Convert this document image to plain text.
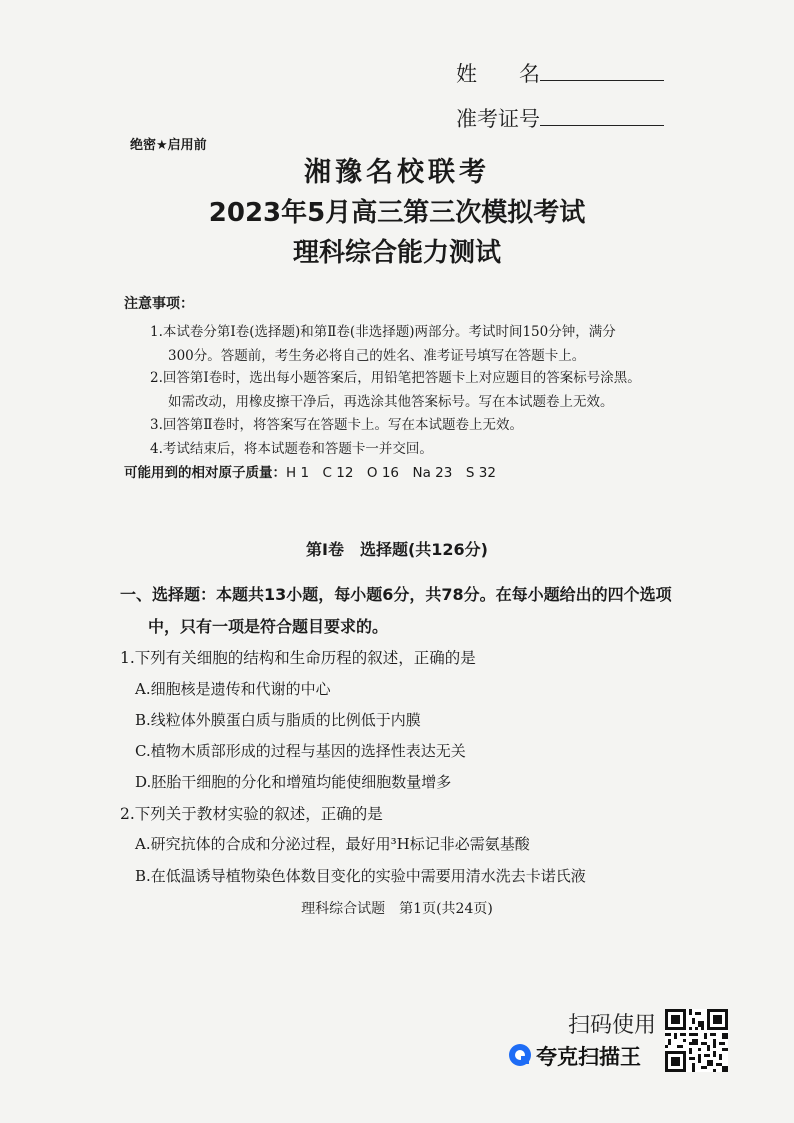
姓　　名
准考证号
绝密★启用前
湘豫名校联考
2023年5月高三第三次模拟考试
理科综合能力测试
注意事项：
1.本试卷分第Ⅰ卷(选择题)和第Ⅱ卷(非选择题)两部分。考试时间150分钟，满分
300分。答题前，考生务必将自己的姓名、准考证号填写在答题卡上。
2.回答第Ⅰ卷时，选出每小题答案后，用铅笔把答题卡上对应题目的答案标号涂黑。
如需改动，用橡皮擦干净后，再选涂其他答案标号。写在本试题卷上无效。
3.回答第Ⅱ卷时，将答案写在答题卡上。写在本试题卷上无效。
4.考试结束后，将本试题卷和答题卡一并交回。
可能用到的相对原子质量：H 1 C 12 O 16 Na 23 S 32
第Ⅰ卷 选择题(共126分)
一、选择题：本题共13小题，每小题6分，共78分。在每小题给出的四个选项
中，只有一项是符合题目要求的。
1.下列有关细胞的结构和生命历程的叙述，正确的是
A.细胞核是遗传和代谢的中心
B.线粒体外膜蛋白质与脂质的比例低于内膜
C.植物木质部形成的过程与基因的选择性表达无关
D.胚胎干细胞的分化和增殖均能使细胞数量增多
2.下列关于教材实验的叙述，正确的是
A.研究抗体的合成和分泌过程，最好用³H标记非必需氨基酸
B.在低温诱导植物染色体数目变化的实验中需要用清水洗去卡诺氏液
理科综合试题 第1页(共24页)
扫码使用
夸克扫描王
